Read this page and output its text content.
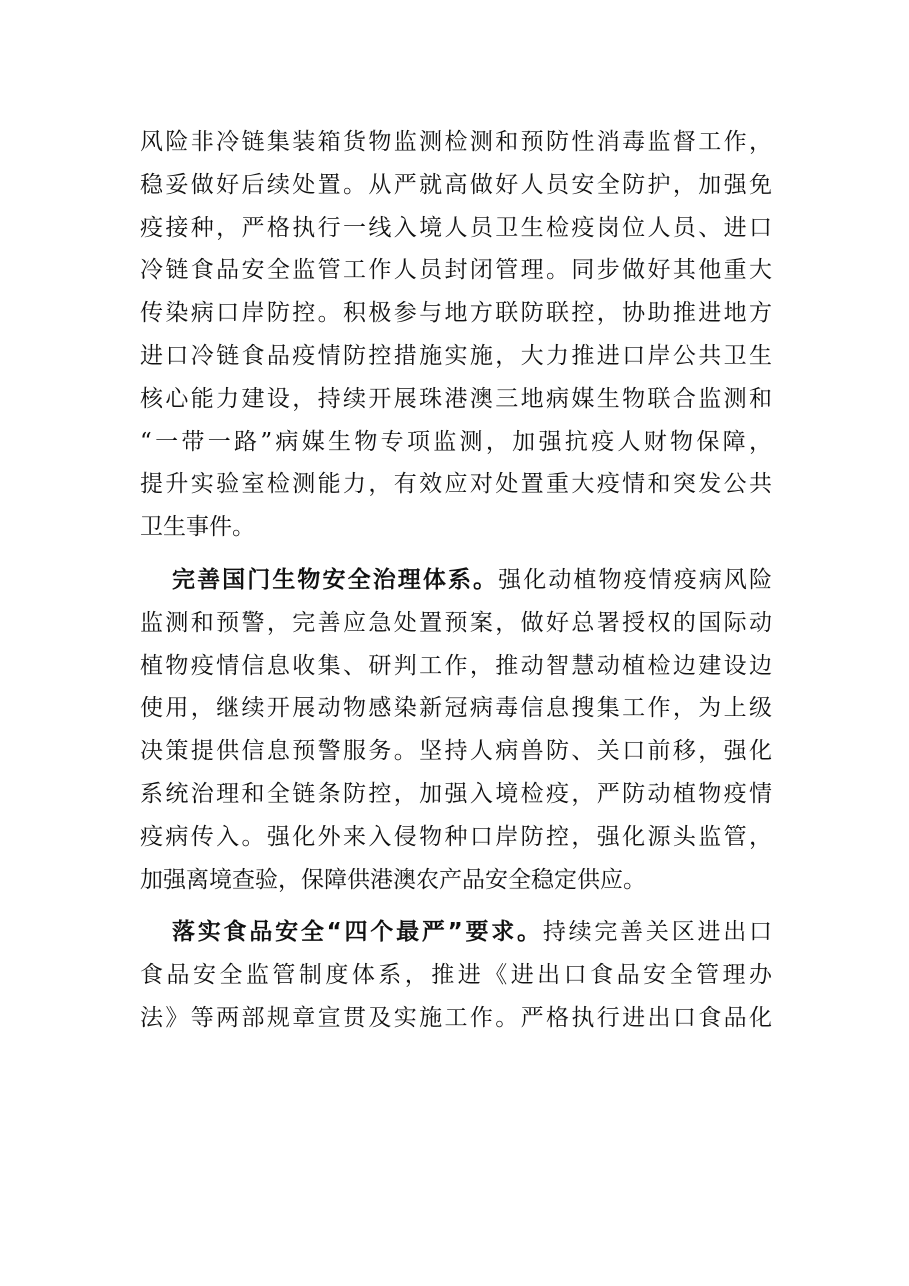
风险非冷链集装箱货物监测检测和预防性消毒监督工作，
稳妥做好后续处置。从严就高做好人员安全防护，加强免
疫接种，严格执行一线入境人员卫生检疫岗位人员、进口
冷链食品安全监管工作人员封闭管理。同步做好其他重大
传染病口岸防控。积极参与地方联防联控，协助推进地方
进口冷链食品疫情防控措施实施，大力推进口岸公共卫生
核心能力建设，持续开展珠港澳三地病媒生物联合监测和
“一带一路”病媒生物专项监测，加强抗疫人财物保障，
提升实验室检测能力，有效应对处置重大疫情和突发公共
卫生事件。
完善国门生物安全治理体系。强化动植物疫情疫病风险
监测和预警，完善应急处置预案，做好总署授权的国际动
植物疫情信息收集、研判工作，推动智慧动植检边建设边
使用，继续开展动物感染新冠病毒信息搜集工作，为上级
决策提供信息预警服务。坚持人病兽防、关口前移，强化
系统治理和全链条防控，加强入境检疫，严防动植物疫情
疫病传入。强化外来入侵物种口岸防控，强化源头监管，
加强离境查验，保障供港澳农产品安全稳定供应。
落实食品安全“四个最严”要求。持续完善关区进出口
食品安全监管制度体系，推进《进出口食品安全管理办
法》等两部规章宣贯及实施工作。严格执行进出口食品化
